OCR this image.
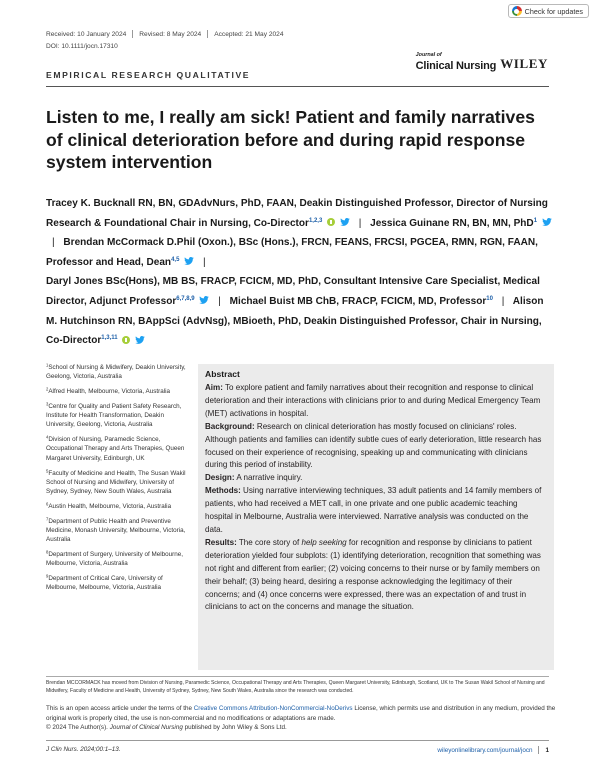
Check for updates
Received: 10 January 2024 Revised: 8 May 2024 Accepted: 21 May 2024
DOI: 10.1111/jocn.17310
EMPIRICAL RESEARCH QUALITATIVE
Journal of
Clinical Nursing WILEY
Listen to me, I really am sick! Patient and family narratives of clinical deterioration before and during rapid response system intervention
Tracey K. Bucknall RN, BN, GDAdvNurs, PhD, FAAN, Deakin Distinguished Professor, Director of Nursing Research & Foundational Chair in Nursing, Co-Director$^{1,2,3}$	| Jessica Guinane RN, BN, MN, PhD$^1$  | Brendan McCormack D.Phil (Oxon.), BSc (Hons.), FRCN, FEANS, FRCSI, PGCEA, RMN, RGN, FAAN, Professor and Head, Dean$^{4,5}$ |
Daryl Jones BSc(Hons), MB BS, FRACP, FCICM, MD, PhD, Consultant Intensive Care Specialist, Medical Director, Adjunct Professor$^{6,7,8,9}$ | Michael Buist MB ChB, FRACP, FCICM, MD, Professor$^{10}$ | Alison M. Hutchinson RN, BAppSci (AdvNsg), MBioeth, PhD, Deakin Distinguished Professor, Chair in Nursing, Co-Director$^{1,3,11}$
$^1$School of Nursing & Midwifery, Deakin University, Geelong, Victoria, Australia
$^2$Alfred Health, Melbourne, Victoria, Australia
$^3$Centre for Quality and Patient Safety Research, Institute for Health Transformation, Deakin University, Geelong, Victoria, Australia
$^4$Division of Nursing, Paramedic Science, Occupational Therapy and Arts Therapies, Queen Margaret University, Edinburgh, UK
$^5$Faculty of Medicine and Health, The Susan Wakil School of Nursing and Midwifery, University of Sydney, Sydney, New South Wales, Australia
$^6$Austin Health, Melbourne, Victoria, Australia
$^7$Department of Public Health and Preventive Medicine, Monash University, Melbourne, Victoria, Australia
$^8$Department of Surgery, University of Melbourne, Melbourne, Victoria, Australia
$^9$Department of Critical Care, University of Melbourne, Melbourne, Victoria, Australia
Abstract

Aim: To explore patient and family narratives about their recognition and response to clinical deterioration and their interactions with clinicians prior to and during Medical Emergency Team (MET) activations in hospital.

Background: Research on clinical deterioration has mostly focused on clinicians' roles. Although patients and families can identify subtle cues of early deterioration, little research has focused on their experience of recognising, speaking up and communicating with clinicians during this period of instability.

Design: A narrative inquiry.

Methods: Using narrative interviewing techniques, 33 adult patients and 14 family members of patients, who had received a MET call, in one private and one public academic teaching hospital in Melbourne, Australia were interviewed. Narrative analysis was conducted on the data.

Results: The core story of help seeking for recognition and response by clinicians to patient deterioration yielded four subplots: (1) identifying deterioration, recognition that something was not right and different from earlier; (2) voicing concerns to their nurse or by family members on their behalf; (3) being heard, desiring a response acknowledging the legitimacy of their concerns; and (4) once concerns were expressed, there was an expectation of and trust in clinicians to act on the concerns and manage the situation.

Brendan MCCORMACK has moved from Division of Nursing, Paramedic Science, Occupational Therapy and Arts Therapies, Queen Margaret University, Edinburgh, Scotland, UK to The Susan Wakil School of Nursing and Midwifery, Faculty of Medicine and Health, University of Sydney, Sydney, New South Wales, Australia since the research was conducted.
This is an open access article under the terms of the Creative Commons Attribution-NonCommercial-NoDerivs License, which permits use and distribution in any medium, provided the original work is properly cited, the use is non-commercial and no modifications or adaptations are made.
© 2024 The Author(s). Journal of Clinical Nursing published by John Wiley & Sons Ltd.
J Clin Nurs. 2024;00:1–13.	wileyonlinelibrary.com/journal/jocn 1
